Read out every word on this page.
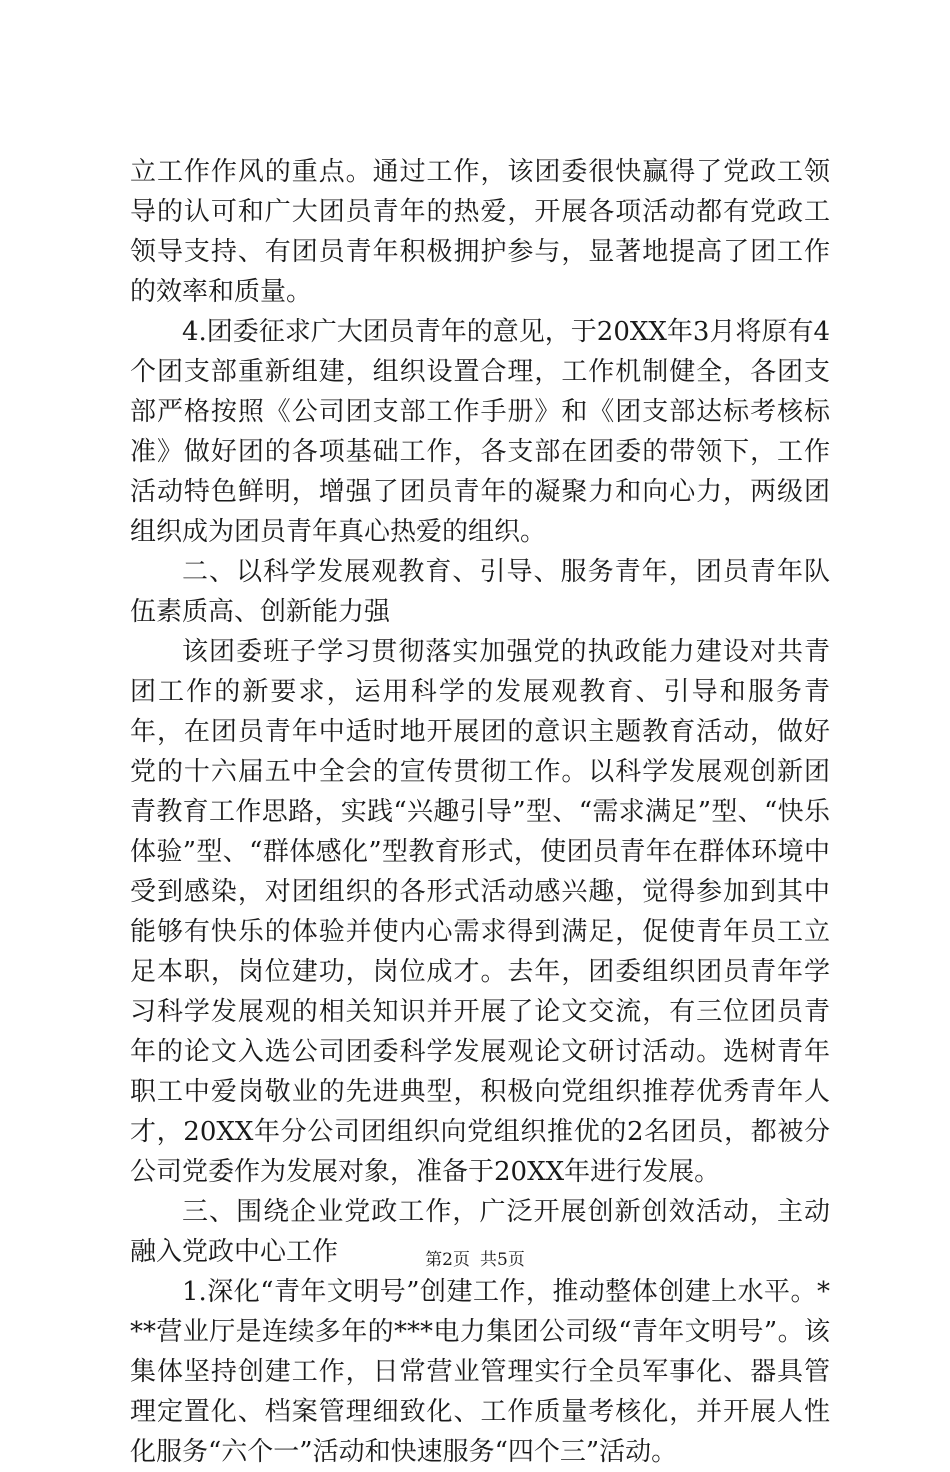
立工作作风的重点。通过工作，该团委很快赢得了党政工领导的认可和广大团员青年的热爱，开展各项活动都有党政工领导支持、有团员青年积极拥护参与，显著地提高了团工作的效率和质量。

4.团委征求广大团员青年的意见，于20XX年3月将原有4个团支部重新组建，组织设置合理，工作机制健全，各团支部严格按照《公司团支部工作手册》和《团支部达标考核标准》做好团的各项基础工作，各支部在团委的带领下，工作活动特色鲜明，增强了团员青年的凝聚力和向心力，两级团组织成为团员青年真心热爱的组织。

二、以科学发展观教育、引导、服务青年，团员青年队伍素质高、创新能力强

该团委班子学习贯彻落实加强党的执政能力建设对共青团工作的新要求，运用科学的发展观教育、引导和服务青年，在团员青年中适时地开展团的意识主题教育活动，做好党的十六届五中全会的宣传贯彻工作。以科学发展观创新团青教育工作思路，实践“兴趣引导”型、“需求满足”型、“快乐体验”型、“群体感化”型教育形式，使团员青年在群体环境中受到感染，对团组织的各形式活动感兴趣，觉得参加到其中能够有快乐的体验并使内心需求得到满足，促使青年员工立足本职，岗位建功，岗位成才。去年，团委组织团员青年学习科学发展观的相关知识并开展了论文交流，有三位团员青年的论文入选公司团委科学发展观论文研讨活动。选树青年职工中爱岗敬业的先进典型，积极向党组织推荐优秀青年人才，20XX年分公司团组织向党组织推优的2名团员，都被分公司党委作为发展对象，准备于20XX年进行发展。

三、围绕企业党政工作，广泛开展创新创效活动，主动融入党政中心工作

1.深化“青年文明号”创建工作，推动整体创建上水平。***营业厅是连续多年的***电力集团公司级“青年文明号”。该集体坚持创建工作，日常营业管理实行全员军事化、器具管理定置化、档案管理细致化、工作质量考核化，并开展人性化服务“六个一”活动和快速服务“四个三”活动。

第2页 共5页
